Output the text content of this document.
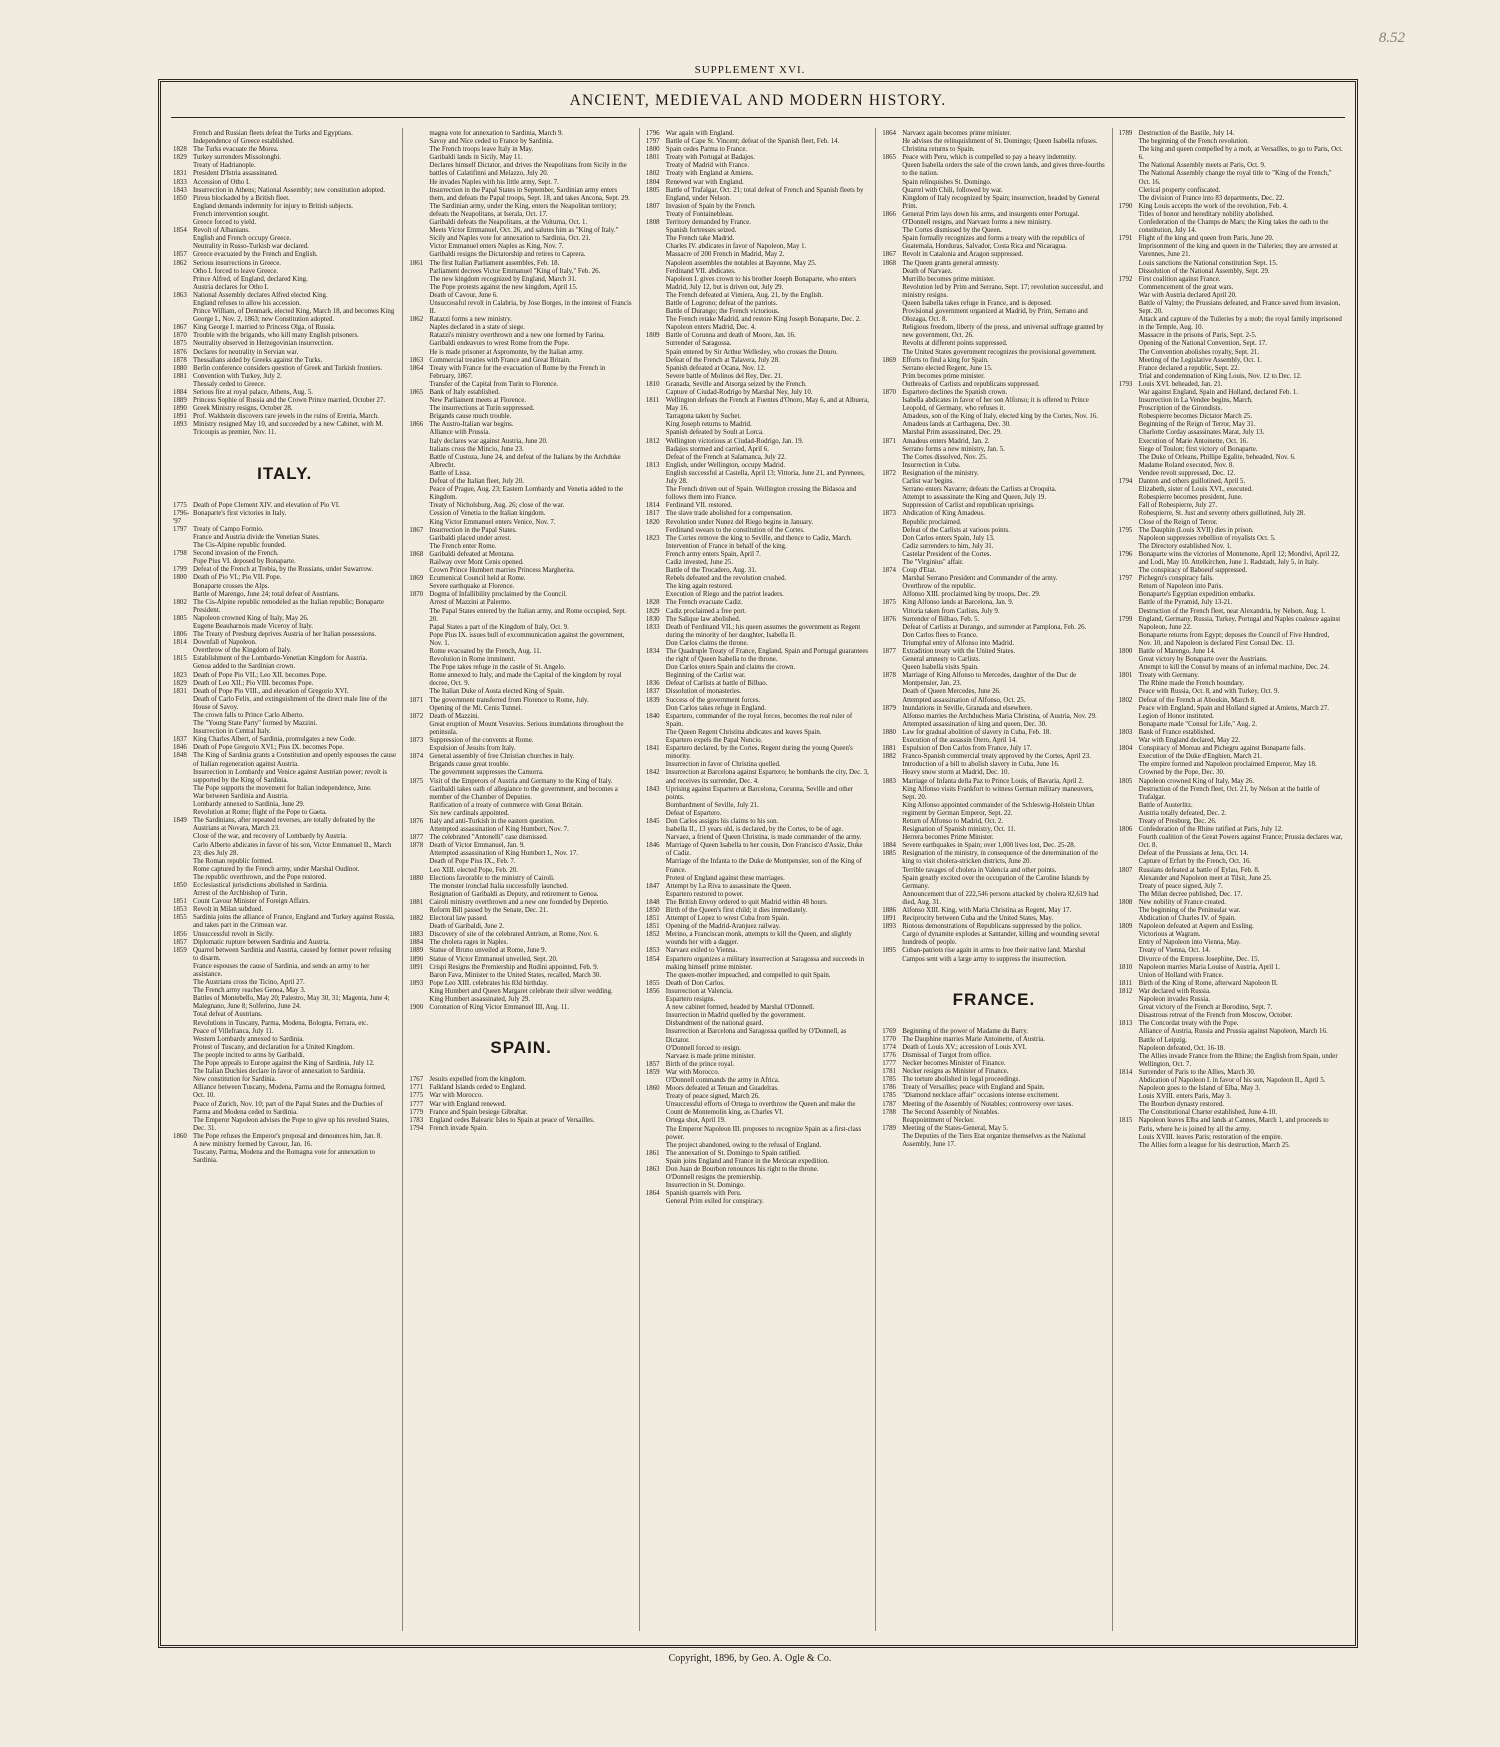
8.52
SUPPLEMENT XVI.
ANCIENT, MEDIEVAL AND MODERN HISTORY.
French and Russian fleets defeat the Turks and Egyptians.
Independence of Greece established.
1828 The Turks evacuate the Morea.
1829 Turkey surrenders Missolonghi.
Treaty of Hadrianople.
1831 President D'Istria assassinated.
1833 Accession of Otho I.
1843 Insurrection in Athens; National Assembly; new constitution adopted.
1850 Pireus blockaded by a British fleet.
England demands indemnity for injury to British subjects.
French intervention sought.
Greece forced to yield.
1854 Revolt of Albanians.
English and French occupy Greece.
Neutrality in Russo-Turkish war declared.
1857 Greece evacuated by the French and English.
1862 Serious insurrections in Greece.
Otho I. forced to leave Greece.
Prince Alfred, of England, declared King.
Austria declares for Otho I.
1863 National Assembly declares Alfred elected King.
England refuses to allow his accession.
Prince William, of Denmark, elected King, March 18, and becomes King George I., Nov. 2, 1863; new Constitution adopted.
1867 King George I. married to Princess Olga, of Russia.
1870 Trouble with the brigands, who kill many English prisoners.
1875 Neutrality observed in Herzegovinian insurrection.
1876 Declares for neutrality in Servian war.
1878 Thessalians aided by Greeks against the Turks.
1880 Berlin conference considers question of Greek and Turkish frontiers.
1881 Convention with Turkey, July 2.
Thessaly ceded to Greece.
1884 Serious fire at royal palace, Athens, Aug. 5.
1889 Princess Sophie of Russia and the Crown Prince married, October 27.
1890 Greek Ministry resigns, October 28.
1891 Prof. Waldstein discovers rare jewels in the ruins of Eretria, March.
1893 Ministry resigned May 10, and succeeded by a new Cabinet, with M. Tricoupis as premier, Nov. 11.
ITALY.
1775 Death of Pope Clement XIV. and elevation of Pio VI.
1796-'97
Bonaparte's first victories in Italy.
1797 Treaty of Campo Formio.
France and Austria divide the Venetian States.
The Cis-Alpine republic founded.
1798 Second invasion of the French.
Pope Pius VI. deposed by Bonaparte.
1799 Defeat of the French at Trebia, by the Russians, under Suwarrow.
1800 Death of Pio VI.; Pio VII. Pope.
Bonaparte crosses the Alps.
Battle of Marengo, June 24; total defeat of Austrians.
1802 The Cis-Alpine republic remodeled as the Italian republic; Bonaparte President.
1805 Napoleon crowned King of Italy, May 26.
Eugene Beauharnois made Viceroy of Italy.
1806 The Treaty of Presburg deprives Austria of her Italian possessions.
1814 Downfall of Napoleon.
Overthrow of the Kingdom of Italy.
1815 Establishment of the Lombardo-Venetian Kingdom for Austria.
Genoa added to the Sardinian crown.
1823 Death of Pope Pio VII.; Leo XII. becomes Pope.
1829 Death of Leo XII.; Pio VIII. becomes Pope.
1831 Death of Pope Pio VIII., and elevation of Gregorio XVI.
Death of Carlo Felix, and extinguishment of the direct male line of the House of Savoy.
The crown falls to Prince Carlo Alberto.
The "Young State Party" formed by Mazzini.
Insurrection in Central Italy.
1837 King Charles Albert, of Sardinia, promulgates a new Code.
1846 Death of Pope Gregorio XVI.; Pius IX. becomes Pope.
1848 The King of Sardinia grants a Constitution and openly espouses the cause of Italian regeneration against Austria.
Insurrection in Lombardy and Venice against Austrian power; revolt is supported by the King of Sardinia.
The Pope supports the movement for Italian independence, June.
War between Sardinia and Austria.
Lombardy annexed to Sardinia, June 29.
Revolution at Rome; flight of the Pope to Gaeta.
1849 The Sardinians, after repeated reverses, are totally defeated by the Austrians at Novara, March 23.
Close of the war, and recovery of Lombardy by Austria.
Carlo Alberto abdicates in favor of his son, Victor Emmanuel II., March 23; dies July 28.
The Roman republic formed.
Rome captured by the French army, under Marshal Oudinot.
The republic overthrown, and the Pope restored.
1850 Ecclesiastical jurisdictions abolished in Sardinia.
Arrest of the Archbishop of Turin.
1851 Count Cavour Minister of Foreign Affairs.
1853 Revolt in Milan subdued.
1855 Sardinia joins the alliance of France, England and Turkey against Russia, and takes part in the Crimean war.
1856 Unsuccessful revolt in Sicily.
1857 Diplomatic rupture between Sardinia and Austria.
1859 Quarrel between Sardinia and Austria, caused by former power refusing to disarm.
France espouses the cause of Sardinia, and sends an army to her assistance.
The Austrians cross the Ticino, April 27.
The French army reaches Genoa, May 3.
Battles of Montebello, May 20; Palestro, May 30, 31; Magenta, June 4; Malegnano, June 8; Solferino, June 24.
Total defeat of Austrians.
Revolutions in Tuscany, Parma, Modena, Bologna, Ferrara, etc.
Peace of Villefranca, July 11.
Western Lombardy annexed to Sardinia.
Protest of Tuscany, and declaration for a United Kingdom.
The people incited to arms by Garibaldi.
The Pope appeals to Europe against the King of Sardinia, July 12.
The Italian Duchies declare in favor of annexation to Sardinia.
New constitution for Sardinia.
Alliance between Tuscany, Modena, Parma and the Romagna formed, Oct. 10.
Peace of Zurich, Nov. 10; part of the Papal States and the Duchies of Parma and Modena ceded to Sardinia.
The Emperor Napoleon advises the Pope to give up his revolted States, Dec. 31.
1860 The Pope refuses the Emperor's proposal and denounces him, Jan. 8.
A new ministry formed by Cavour, Jan. 16.
Tuscany, Parma, Modena and the Romagna vote for annexation to Sardinia.
magna vote for annexation to Sardinia, March 9.
Savoy and Nice ceded to France by Sardinia.
The French troops leave Italy in May.
Garibaldi lands in Sicily, May 11.
Declares himself Dictator, and drives the Neapolitans from Sicily in the battles of Calatifinni and Melazzo, July 20.
He invades Naples with his little army, Sept. 7.
Insurrection in the Papal States in September, Sardinian army enters them, and defeats the Papal troops, Sept. 18, and takes Ancona, Sept. 29.
The Sardinian army, under the King, enters the Neapolitan territory; defeats the Neapolitans, at Iserala, Oct. 17.
Garibaldi defeats the Neapolitans, at the Volturna, Oct. 1.
Meets Victor Emmanuel, Oct. 26, and salutes him as "King of Italy."
Sicily and Naples vote for annexation to Sardinia, Oct. 21.
Victor Emmanuel enters Naples as King, Nov. 7.
Garibaldi resigns the Dictatorship and retires to Caprera.
1861 The first Italian Parliament assembles, Feb. 18.
Parliament decrees Victor Emmanuel "King of Italy," Feb. 26.
The new kingdom recognized by England, March 31.
The Pope protests against the new kingdom, April 15.
Death of Cavour, June 6.
Unsuccessful revolt in Calabria, by Jose Borges, in the interest of Francis II.
1862 Ratazzi forms a new ministry.
Naples declared in a state of siege.
Ratazzi's ministry overthrown and a new one formed by Farina.
Garibaldi endeavors to wrest Rome from the Pope.
He is made prisoner at Aspromonte, by the Italian army.
1863 Commercial treaties with France and Great Britain.
1864 Treaty with France for the evacuation of Rome by the French in February, 1867.
Transfer of the Capital from Turin to Florence.
1865 Bank of Italy established.
New Parliament meets at Florence.
The insurrections at Turin suppressed.
Brigands cause much trouble.
1866 The Austro-Italian war begins.
Alliance with Prussia.
Italy declares war against Austria, June 20.
Italians cross the Mincio, June 23.
Battle of Custoza, June 24, and defeat of the Italians by the Archduke Albrecht.
Battle of Lissa.
Defeat of the Italian fleet, July 20.
Peace of Prague, Aug. 23; Eastern Lombardy and Venetia added to the Kingdom.
Treaty of Nicholsburg, Aug. 26; close of the war.
Cession of Venetia to the Italian kingdom.
King Victor Emmanuel enters Venice, Nov. 7.
1867 Insurrection in the Papal States.
Garibaldi placed under arrest.
The French enter Rome.
1868 Garibaldi defeated at Mentana.
Railway over Mont Cenis opened.
Crown Prince Humbert marries Princess Margherita.
1869 Ecumenical Council held at Rome.
Severe earthquake at Florence.
1870 Dogma of Infallibility proclaimed by the Council.
Arrest of Mazzini at Palermo.
The Papal States entered by the Italian army, and Rome occupied, Sept. 20.
Papal States a part of the Kingdom of Italy, Oct. 9.
Pope Pius IX. issues bull of excommunication against the government, Nov. 1.
Rome evacuated by the French, Aug. 11.
Revolution in Rome imminent.
The Pope takes refuge in the castle of St. Angelo.
Rome annexed to Italy, and made the Capital of the kingdom by royal decree, Oct. 9.
The Italian Duke of Aosta elected King of Spain.
1871 The government transferred from Florence to Rome, July.
Opening of the Mt. Cenis Tunnel.
1872 Death of Mazzini.
Great eruption of Mount Vesuvius. Serious inundations throughout the peninsula.
1873 Suppression of the convents at Rome.
Expulsion of Jesuits from Italy.
1874 General assembly of free Christian churches in Italy.
Brigands cause great trouble.
The government suppresses the Camorra.
1875 Visit of the Emperors of Austria and Germany to the King of Italy.
Garibaldi takes oath of allegiance to the government, and becomes a member of the Chamber of Deputies.
Ratification of a treaty of commerce with Great Britain.
Six new cardinals appointed.
1876 Italy and anti-Turkish in the eastern question.
Attempted assassination of King Humbert, Nov. 7.
1877 The celebrated "Antonelli" case dismissed.
1878 Death of Victor Emmanuel, Jan. 9.
Attempted assassination of King Humbert I., Nov. 17.
Death of Pope Pius IX., Feb. 7.
Leo XIII. elected Pope, Feb. 20.
1880 Elections favorable to the ministry of Cairoli.
The monster ironclad Italia successfully launched.
Resignation of Garibaldi as Deputy, and retirement to Genoa.
1881 Cairoli ministry overthrown and a new one founded by Depretio.
Reform Bill passed by the Senate, Dec. 21.
1882 Electoral law passed.
Death of Garibaldi, June 2.
1883 Discovery of site of the celebrated Antrium, at Rome, Nov. 6.
1884 The cholera rages in Naples.
1889 Statue of Bruno unveiled at Rome, June 9.
1890 Statue of Victor Emmanuel unveiled, Sept. 20.
1891 Crispi Resigns the Premiership and Rudini appointed, Feb. 9.
Baron Fava, Minister to the United States, recalled, March 30.
1893 Pope Leo XIII. celebrates his 83d birthday.
King Humbert and Queen Margaret celebrate their silver wedding.
King Humbert assassinated, July 29.
1900 Coronation of King Victor Emmanuel III, Aug. 11.
SPAIN.
1767 Jesuits expelled from the kingdom.
1771 Falkland Islands ceded to England.
1775 War with Morocco.
1777 War with England renewed.
1779 France and Spain besiege Gibraltar.
1783 England cedes Balearic Isles to Spain at peace of Versailles.
1794 French invade Spain.
1796 War again with England.
1797 Battle of Cape St. Vincent; defeat of the Spanish fleet, Feb. 14.
1800 Spain cedes Parma to France.
1801 Treaty with Portugal at Badajos.
Treaty of Madrid with France.
1802 Treaty with England at Amiens.
1804 Renewed war with England.
1805 Battle of Trafalgar, Oct. 21; total defeat of French and Spanish fleets by England, under Nelson.
1807 Invasion of Spain by the French.
Treaty of Fontainebleau.
1808 Territory demanded by France.
Spanish fortresses seized.
The French take Madrid.
Charles IV. abdicates in favor of Napoleon, May 1.
Massacre of 200 French in Madrid, May 2.
Napoleon assembles the notables at Bayonne, May 25.
Ferdinand VII. abdicates.
Napoleon I. gives crown to his brother Joseph Bonaparte, who enters Madrid, July 12, but is driven out, July 29.
The French defeated at Vimiera, Aug. 21, by the English.
Battle of Logrono; defeat of the patriots.
Battle of Durango; the French victorious.
The French retake Madrid, and restore King Joseph Bonaparte, Dec. 2.
Napoleon enters Madrid, Dec. 4.
1809 Battle of Corunna and death of Moore, Jan. 16.
Surrender of Saragossa.
Spain entered by Sir Arthur Wellesley, who crosses the Douro.
Defeat of the French at Talavera, July 28.
Spanish defeated at Ocana, Nov. 12.
Severe battle of Molinos del Rey, Dec. 21.
1810 Granada, Seville and Atsorga seized by the French.
Capture of Ciudad-Rodrigo by Marshal Ney, July 10.
1811 Wellington defeats the French at Fuentes d'Onoro, May 6, and at Albuera, May 16.
Tarragona taken by Suchet.
King Joseph returns to Madrid.
Spanish defeated by Soult at Lorca.
1812 Wellington victorious at Ciudad-Rodrigo, Jan. 19.
Badajos stormed and carried, April 6.
Defeat of the French at Salamanca, July 22.
1813 English, under Wellington, occupy Madrid.
English successful at Castella, April 13; Vittoria, June 21, and Pyrenees, July 28.
The French driven out of Spain. Wellington crossing the Bidasoa and follows them into France.
1814 Ferdinand VII. restored.
1817 The slave trade abolished for a compensation.
1820 Revolution under Nunez del Riego begins in January.
Ferdinand swears to the constitution of the Cortes.
1823 The Cortes remove the king to Seville, and thence to Cadiz, March.
Intervention of France in behalf of the king.
French army enters Spain, April 7.
Cadiz invested, June 25.
Battle of the Trocadero, Aug. 31.
Rebels defeated and the revolution crushed.
The king again restored.
Execution of Riego and the patriot leaders.
1828 The French evacuate Cadiz.
1829 Cadiz proclaimed a free port.
1830 The Salique law abolished.
1833 Death of Ferdinand VII.; his queen assumes the government as Regent during the minority of her daughter, Isabella II.
Don Carlos claims the throne.
1834 The Quadruple Treaty of France, England, Spain and Portugal guarantees the right of Queen Isabella to the throne.
Don Carlos enters Spain and claims the crown.
Beginning of the Carlist war.
1836 Defeat of Carlists at battle of Bilbao.
1837 Dissolution of monasteries.
1839 Success of the government forces.
Don Carlos takes refuge in England.
1840 Espartero, commander of the royal forces, becomes the real ruler of Spain.
The Queen Regent Christina abdicates and leaves Spain.
Espartero expels the Papal Nuncio.
1841 Espartero declared, by the Cortes, Regent during the young Queen's minority.
Insurrection in favor of Christina quelled.
1842 Insurrection at Barcelona against Espartero; he bombards the city, Dec. 3, and receives its surrender, Dec. 4.
1843 Uprising against Espartero at Barcelona, Corunna, Seville and other points.
Bombardment of Seville, July 21.
Defeat of Espartero.
1845 Don Carlos assigns his claims to his son.
Isabella II., 13 years old, is declared, by the Cortes, to be of age.
Narvaez, a friend of Queen Christina, is made commander of the army.
1846 Marriage of Queen Isabella to her cousin, Don Francisco d'Assiz, Duke of Cadiz.
Marriage of the Infanta to the Duke de Montpensier, son of the King of France.
Protest of England against these marriages.
1847 Attempt by La Riva to assassinate the Queen.
Espartero restored to power.
1848 The British Envoy ordered to quit Madrid within 48 hours.
1850 Birth of the Queen's first child; it dies immediately.
1851 Attempt of Lopez to wrest Cuba from Spain.
1851 Opening of the Madrid-Aranjuez railway.
1852 Merino, a Franciscan monk, attempts to kill the Queen, and slightly wounds her with a dagger.
1853 Narvaez exiled to Vienna.
1854 Espartero organizes a military insurrection at Saragossa and succeeds in making himself prime minister.
The queen-mother impeached, and compelled to quit Spain.
1855 Death of Don Carlos.
1856 Insurrection at Valencia.
Espartero resigns.
A new cabinet formed, headed by Marshal O'Donnell.
Insurrection in Madrid quelled by the government.
Disbandment of the national guard.
Insurrection at Barcelona and Saragossa quelled by O'Donnell, as Dictator.
O'Donnell forced to resign.
Narvaez is made prime minister.
1857 Birth of the prince royal.
1859 War with Morocco.
O'Donnell commands the army in Africa.
1860 Moors defeated at Tetuan and Guadelras.
Treaty of peace signed, March 26.
Unsuccessful efforts of Ortega to overthrow the Queen and make the Count de Montemolin king, as Charles VI.
Ortega shot, April 19.
The Emperor Napoleon III. proposes to recognize Spain as a first-class power.
The project abandoned, owing to the refusal of England.
1861 The annexation of St. Domingo to Spain ratified.
Spain joins England and France in the Mexican expedition.
1863 Don Juan de Bourbon renounces his right to the throne.
O'Donnell resigns the premiership.
Insurrection in St. Domingo.
1864 Spanish quarrels with Peru.
General Prim exiled for conspiracy.
1864 Narvaez again becomes prime minister.
He advises the relinquishment of St. Domingo; Queen Isabella refuses.
Christina returns to Spain.
1865 Peace with Peru, which is compelled to pay a heavy indemnity.
Queen Isabella orders the sale of the crown lands, and gives three-fourths to the nation.
Spain relinquishes St. Domingo.
Quarrel with Chili, followed by war.
Kingdom of Italy recognized by Spain; insurrection, headed by General Prim.
1866 General Prim lays down his arms, and insurgents enter Portugal.
O'Donnell resigns, and Narvaez forms a new ministry.
The Cortes dismissed by the Queen.
Spain formally recognizes and forms a treaty with the republics of Guatemala, Honduras, Salvador, Costa Rica and Nicaragua.
1867 Revolt in Catalonia and Aragon suppressed.
1868 The Queen grants general amnesty.
Death of Narvaez.
Murrillo becomes prime minister.
Revolution led by Prim and Serrano, Sept. 17; revolution successful, and ministry resigns.
Queen Isabella takes refuge in France, and is deposed.
Provisional government organized at Madrid, by Prim, Serrano and Olozaga, Oct. 8.
Religious freedom, liberty of the press, and universal suffrage granted by new government, Oct. 26.
Revolts at different points suppressed.
The United States government recognizes the provisional government.
1869 Efforts to find a king for Spain.
Serrano elected Regent, June 15.
Prim becomes prime minister.
Outbreaks of Carlists and republicans suppressed.
1870 Espartero declines the Spanish crown.
Isabella abdicates in favor of her son Alfonso; it is offered to Prince Leopold, of Germany, who refuses it.
Amadeus, son of the King of Italy, elected king by the Cortes, Nov. 16.
Amadeus lands at Carthagena, Dec. 30.
Marshal Prim assassinated, Dec. 29.
1871 Amadeus enters Madrid, Jan. 2.
Serrano forms a new ministry, Jan. 5.
The Cortes dissolved, Nov. 25.
Insurrection in Cuba.
1872 Resignation of the ministry.
Carlist war begins.
Serrano enters Navarre; defeats the Carlists at Oroquita.
Attempt to assassinate the King and Queen, July 19.
Suppression of Carlist and republican uprisings.
1873 Abdication of King Amadeus.
Republic proclaimed.
Defeat of the Carlists at various points.
Don Carlos enters Spain, July 13.
Cadiz surrenders to him, July 31.
Castelar President of the Cortes.
The "Virginius" affair.
1874 Coup d'Etat.
Marshal Serrano President and Commander of the army.
Overthrow of the republic.
Alfonso XIII. proclaimed king by troops, Dec. 29.
1875 King Alfonso lands at Barcelona, Jan. 9.
Vittoria taken from Carlists, July 9.
1876 Surrender of Bilbao, Feb. 5.
Defeat of Carlists at Durango, and surrender at Pamplona, Feb. 26.
Don Carlos flees to France.
Triumphal entry of Alfonso into Madrid.
1877 Extradition treaty with the United States.
General amnesty to Carlists.
Queen Isabella visits Spain.
1878 Marriage of King Alfonso to Mercedes, daughter of the Duc de Montpensier, Jan. 23.
Death of Queen Mercedes, June 26.
Attempted assassination of Alfonso, Oct. 25.
1879 Inundations in Seville, Granada and elsewhere.
Alfonso marries the Archduchess Maria Christina, of Austria, Nov. 29.
Attempted assassination of king and queen, Dec. 30.
1880 Law for gradual abolition of slavery in Cuba, Feb. 18.
Execution of the assassin Otero, April 14.
1881 Expulsion of Don Carlos from France, July 17.
1882 Franco-Spanish commercial treaty approved by the Cortes, April 23.
Introduction of a bill to abolish slavery in Cuba, June 16.
Heavy snow storm at Madrid, Dec. 10.
1883 Marriage of Infanta della Paz to Prince Louis, of Bavaria, April 2.
King Alfonso visits Frankfort to witness German military maneuvers, Sept. 20.
King Alfonso appointed commander of the Schleswig-Holstein Uhlan regiment by German Emperor, Sept. 22.
Return of Alfonso to Madrid, Oct. 2.
Resignation of Spanish ministry, Oct. 11.
Herrera becomes Prime Minister.
1884 Severe earthquakes in Spain; over 1,000 lives lost, Dec. 25-28.
1885 Resignation of the ministry, in consequence of the determination of the king to visit cholera-stricken districts, June 20.
Terrible ravages of cholera in Valencia and other points.
Spain greatly excited over the occupation of the Caroline Islands by Germany.
Announcement that of 222,546 persons attacked by cholera 82,619 had died, Aug. 31.
1886 Alfonso XIII. King, with Maria Christina as Regent, May 17.
1891 Reciprocity between Cuba and the United States, May.
1893 Riotous demonstrations of Republicans suppressed by the police.
Cargo of dynamite explodes at Santander, killing and wounding several hundreds of people.
1895 Cuban-patriots rise again in arms to free their native land. Marshal Campos sent with a large army to suppress the insurrection.
FRANCE.
1769 Beginning of the power of Madame du Barry.
1770 The Dauphine marries Marie Antoinette, of Austria.
1774 Death of Louis XV.; accession of Louis XVI.
1776 Dismissal of Turgot from office.
1777 Necker becomes Minister of Finance.
1781 Necker resigns as Minister of Finance.
1785 The torture abolished in legal proceedings.
1786 Treaty of Versailles; peace with England and Spain.
1785 "Diamond necklace affair" occasions intense excitement.
1787 Meeting of the Assembly of Notables; controversy over taxes.
1788 The Second Assembly of Notables.
Reappointment of Necker.
1789 Meeting of the States-General, May 5.
The Deputies of the Tiers Etat organize themselves as the National Assembly, June 17.
1789 Destruction of the Bastile, July 14.
The beginning of the French revolution.
The king and queen compelled by a mob, at Versailles, to go to Paris, Oct. 6.
The National Assembly meets at Paris, Oct. 9.
The National Assembly change the royal title to "King of the French," Oct. 16.
Clerical property confiscated.
The division of France into 83 departments, Dec. 22.
1790 King Louis accepts the work of the revolution, Feb. 4.
Titles of honor and hereditary nobility abolished.
Confederation of the Champs de Mars; the King takes the oath to the constitution, July 14.
1791 Flight of the king and queen from Paris, June 20.
Imprisonment of the king and queen in the Tuileries; they are arrested at Varennes, June 21.
Louis sanctions the National constitution Sept. 15.
Dissolution of the National Assembly, Sept. 29.
1792 First coalition against France.
Commencement of the great wars.
War with Austria declared April 20.
Battle of Valmy; the Prussians defeated, and France saved from invasion, Sept. 20.
Attack and capture of the Tuileries by a mob; the royal family imprisoned in the Temple, Aug. 10.
Massacre in the prisons of Paris, Sept. 2-5.
Opening of the National Convention, Sept. 17.
The Convention abolishes royalty, Sept. 21.
Meeting of the Legislative Assembly, Oct. 1.
France declared a republic, Sept. 22.
Trial and condemnation of King Louis, Nov. 12 to Dec. 12.
1793 Louis XVI. beheaded, Jan. 21.
War against England, Spain and Holland, declared Feb. 1.
Insurrection in La Vendee begins, March.
Proscription of the Girondists.
Robespierre becomes Dictator March 25.
Beginning of the Reign of Terror, May 31.
Charlotte Corday assassinates Marat, July 13.
Execution of Marie Antoinette, Oct. 16.
Siege of Toulon; first victory of Bonaparte.
The Duke of Orleans, Phillipe Egalite, beheaded, Nov. 6.
Madame Roland executed, Nov. 8.
Vendee revolt suppressed, Dec. 12.
1794 Danton and others guillotined, April 5.
Elizabeth, sister of Louis XVI., executed.
Robespierre becomes president, June.
Fall of Robespierre, July 27.
Robespierre, St. Just and seventy others guillotined, July 28.
Close of the Reign of Terror.
1795 The Dauphin (Louis XVII) dies in prison.
Napoleon suppresses rebellion of royalists Oct. 5.
The Directory established Nov. 1.
1796 Bonaparte wins the victories of Montenotte, April 12; Mondivi, April 22, and Lodi, May 10. Attelkirchen, June 1. Radstadt, July 5, in Italy.
The conspiracy of Baboeuf suppressed.
1797 Pichegru's conspiracy fails.
Return of Napoleon into Paris.
Bonaparte's Egyptian expedition embarks.
Battle of the Pyramid, July 13-21.
Destruction of the French fleet, near Alexandria, by Nelson, Aug. 1.
1799 England, Germany, Russia, Turkey, Portugal and Naples coalesce against Napoleon, June 22.
Bonaparte returns from Egypt; deposes the Council of Five Hundred, Nov. 10, and Napoleon is declared First Consul Dec. 13.
1800 Battle of Marengo, June 14.
Great victory by Bonaparte over the Austrians.
Attempt to kill the Consul by means of an infernal machine, Dec. 24.
1801 Treaty with Germany.
The Rhine made the French boundary.
Peace with Russia, Oct. 8, and with Turkey, Oct. 9.
1802 Defeat of the French at Aboukin, March 8.
Peace with England, Spain and Holland signed at Amiens, March 27.
Legion of Honor instituted.
Bonaparte made "Consul for Life," Aug. 2.
1803 Bank of France established.
War with England declared, May 22.
1804 Conspiracy of Moreau and Pichegru against Bonaparte fails.
Execution of the Duke d'Enghien, March 21.
The empire formed and Napoleon proclaimed Emperor, May 18.
Crowned by the Pope, Dec. 30.
1805 Napoleon crowned King of Italy, May 26.
Destruction of the French fleet, Oct. 21, by Nelson at the battle of Trafalgar.
Battle of Austerlitz.
Austria totally defeated, Dec. 2.
Treaty of Presburg, Dec. 26.
1806 Confederation of the Rhine ratified at Paris, July 12.
Fourth coalition of the Great Powers against France; Prussia declares war, Oct. 8.
Defeat of the Prussians at Jena, Oct. 14.
Capture of Erfurt by the French, Oct. 16.
1807 Russians defeated at battle of Eylau, Feb. 8.
Alexander and Napoleon meet at Tilsit, June 25.
Treaty of peace signed, July 7.
The Milan decree published, Dec. 17.
1808 New nobility of France created.
The beginning of the Peninsular war.
Abdication of Charles IV. of Spain.
1809 Napoleon defeated at Aspern and Essling.
Victorious at Wagram.
Entry of Napoleon into Vienna, May.
Treaty of Vienna, Oct. 14.
Divorce of the Empress Josephine, Dec. 15.
1810 Napoleon marries Maria Louise of Austria, April 1.
Union of Holland with France.
1811 Birth of the King of Rome, afterward Napoleon II.
1812 War declared with Russia.
Napoleon invades Russia.
Great victory of the French at Borodino, Sept. 7.
Disastrous retreat of the French from Moscow, October.
1813 The Concordat treaty with the Pope.
Alliance of Austria, Russia and Prussia against Napoleon, March 16.
Battle of Leipzig.
Napoleon defeated, Oct. 16-18.
The Allies invade France from the Rhine; the English from Spain, under Wellington, Oct. 7.
1814 Surrender of Paris to the Allies, March 30.
Abdication of Napoleon I. in favor of his son, Napoleon II., April 5.
Napoleon goes to the Island of Elba, May 3.
Louis XVIII. enters Paris, May 3.
The Bourbon dynasty restored.
The Constitutional Charter established, June 4-10.
1815 Napoleon leaves Elba and lands at Cannes, March 1, and proceeds to Paris, where he is joined by all the army.
Louis XVIII. leaves Paris; restoration of the empire.
The Allies form a league for his destruction, March 25.
Copyright, 1896, by Geo. A. Ogle & Co.
